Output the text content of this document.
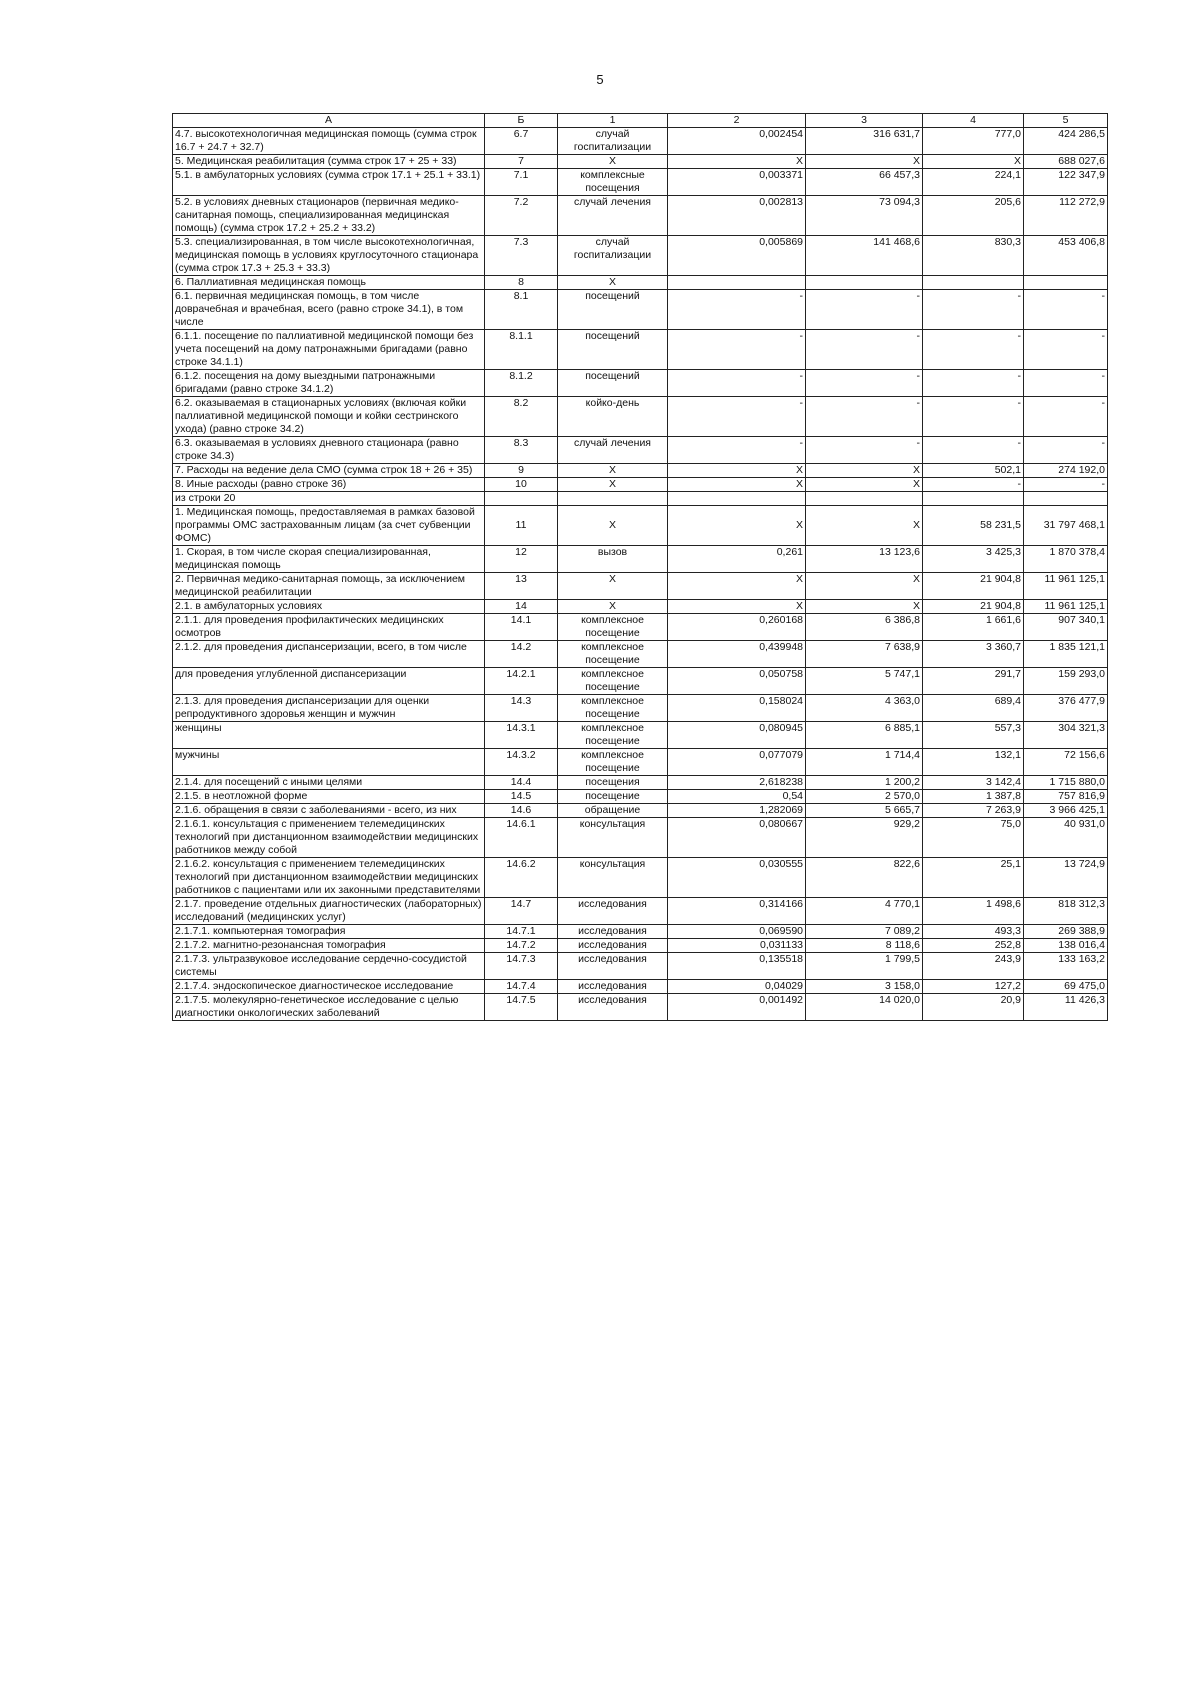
5
А	Б	1	2	3	4	5
4.7. высокотехнологичная медицинская помощь (сумма строк 16.7 + 24.7 + 32.7)	6.7	случай госпитализации	0,002454	316 631,7	777,0	424 286,5
5. Медицинская реабилитация (сумма строк 17 + 25 + 33)	7	Х	Х	Х	Х	688 027,6
5.1. в амбулаторных условиях (сумма строк 17.1 + 25.1 + 33.1)	7.1	комплексные посещения	0,003371	66 457,3	224,1	122 347,9
5.2. в условиях дневных стационаров (первичная медико-санитарная помощь, специализированная медицинская помощь) (сумма строк 17.2 + 25.2 + 33.2)	7.2	случай лечения	0,002813	73 094,3	205,6	112 272,9
5.3. специализированная, в том числе высокотехнологичная, медицинская помощь в условиях круглосуточного стационара (сумма строк 17.3 + 25.3 + 33.3)	7.3	случай госпитализации	0,005869	141 468,6	830,3	453 406,8
6. Паллиативная медицинская помощь	8	Х				
6.1. первичная медицинская помощь, в том числе доврачебная и врачебная, всего (равно строке 34.1), в том числе	8.1	посещений	-	-	-	-
6.1.1. посещение по паллиативной медицинской помощи без учета посещений на дому патронажными бригадами (равно строке 34.1.1)	8.1.1	посещений	-	-	-	-
6.1.2. посещения на дому выездными патронажными бригадами (равно строке 34.1.2)	8.1.2	посещений	-	-	-	-
6.2. оказываемая в стационарных условиях (включая койки паллиативной медицинской помощи и койки сестринского ухода) (равно строке 34.2)	8.2	койко-день	-	-	-	-
6.3. оказываемая в условиях дневного стационара (равно строке 34.3)	8.3	случай лечения	-	-	-	-
7. Расходы на ведение дела СМО (сумма строк 18 + 26 + 35)	9	Х	Х	Х	502,1	274 192,0
8. Иные расходы (равно строке 36)	10	Х	Х	Х	-	-
из строки 20						
1. Медицинская помощь, предоставляемая в рамках базовой программы ОМС застрахованным лицам (за счет субвенции ФОМС)	11	Х	Х	Х	58 231,5	31 797 468,1
1. Скорая, в том числе скорая специализированная, медицинская помощь	12	вызов	0,261	13 123,6	3 425,3	1 870 378,4
2. Первичная медико-санитарная помощь, за исключением медицинской реабилитации	13	Х	Х	Х	21 904,8	11 961 125,1
2.1. в амбулаторных условиях	14	Х	Х	Х	21 904,8	11 961 125,1
2.1.1. для проведения профилактических медицинских осмотров	14.1	комплексное посещение	0,260168	6 386,8	1 661,6	907 340,1
2.1.2. для проведения диспансеризации, всего, в том числе	14.2	комплексное посещение	0,439948	7 638,9	3 360,7	1 835 121,1
для проведения углубленной диспансеризации	14.2.1	комплексное посещение	0,050758	5 747,1	291,7	159 293,0
2.1.3. для проведения диспансеризации для оценки репродуктивного здоровья женщин и мужчин	14.3	комплексное посещение	0,158024	4 363,0	689,4	376 477,9
женщины	14.3.1	комплексное посещение	0,080945	6 885,1	557,3	304 321,3
мужчины	14.3.2	комплексное посещение	0,077079	1 714,4	132,1	72 156,6
2.1.4. для посещений с иными целями	14.4	посещения	2,618238	1 200,2	3 142,4	1 715 880,0
2.1.5. в неотложной форме	14.5	посещение	0,54	2 570,0	1 387,8	757 816,9
2.1.6. обращения в связи с заболеваниями - всего, из них	14.6	обращение	1,282069	5 665,7	7 263,9	3 966 425,1
2.1.6.1. консультация с применением телемедицинских технологий при дистанционном взаимодействии медицинских работников между собой	14.6.1	консультация	0,080667	929,2	75,0	40 931,0
2.1.6.2. консультация с применением телемедицинских технологий при дистанционном взаимодействии медицинских работников с пациентами или их законными представителями	14.6.2	консультация	0,030555	822,6	25,1	13 724,9
2.1.7. проведение отдельных диагностических (лабораторных) исследований (медицинских услуг)	14.7	исследования	0,314166	4 770,1	1 498,6	818 312,3
2.1.7.1. компьютерная томография	14.7.1	исследования	0,069590	7 089,2	493,3	269 388,9
2.1.7.2. магнитно-резонансная томография	14.7.2	исследования	0,031133	8 118,6	252,8	138 016,4
2.1.7.3. ультразвуковое исследование сердечно-сосудистой системы	14.7.3	исследования	0,135518	1 799,5	243,9	133 163,2
2.1.7.4. эндоскопическое диагностическое исследование	14.7.4	исследования	0,04029	3 158,0	127,2	69 475,0
2.1.7.5. молекулярно-генетическое исследование с целью диагностики онкологических заболеваний	14.7.5	исследования	0,001492	14 020,0	20,9	11 426,3
